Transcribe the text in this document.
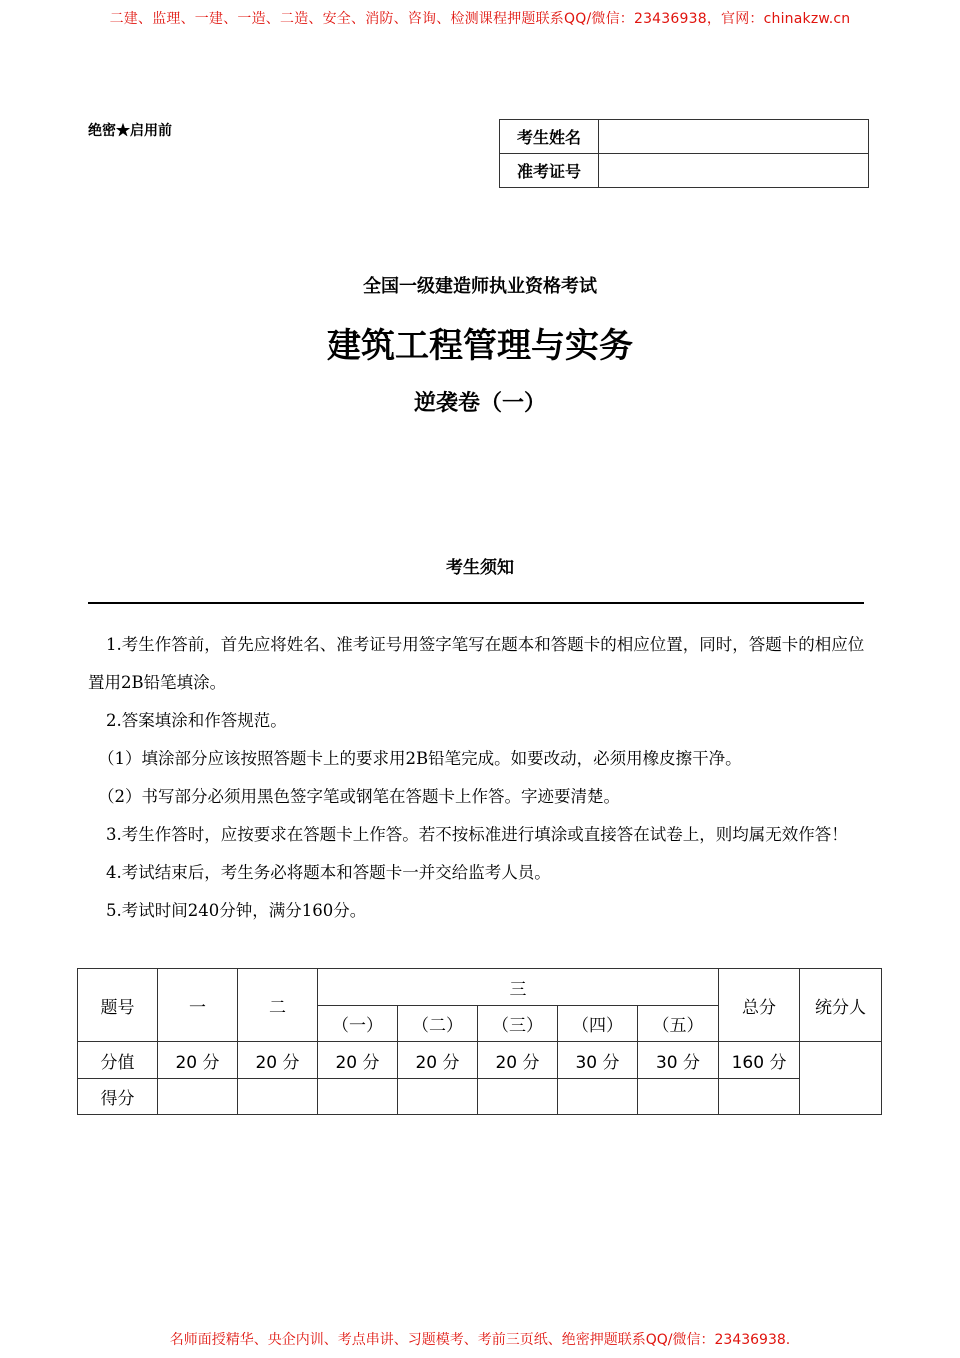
二建、监理、一建、一造、二造、安全、消防、咨询、检测课程押题联系QQ/微信：23436938，官网：chinakzw.cn
绝密★启用前	考生姓名	
准考证号	
全国一级建造师执业资格考试
建筑工程管理与实务
逆袭卷（一）
考生须知

1.考生作答前，首先应将姓名、准考证号用签字笔写在题本和答题卡的相应位置，同时，答题卡的相应位置用2B铅笔填涂。

2.答案填涂和作答规范。

（1）填涂部分应该按照答题卡上的要求用2B铅笔完成。如要改动，必须用橡皮擦干净。

（2）书写部分必须用黑色签字笔或钢笔在答题卡上作答。字迹要清楚。

3.考生作答时，应按要求在答题卡上作答。若不按标准进行填涂或直接答在试卷上，则均属无效作答！

4.考试结束后，考生务必将题本和答题卡一并交给监考人员。

5.考试时间240分钟，满分160分。

题号	一	二	三					总分	统分人
			（一）	（二）	（三）	（四）	（五）		
分值	20 分	20 分	20 分	20 分	20 分	30 分	30 分	160 分	
得分									
名师面授精华、央企内训、考点串讲、习题模考、考前三页纸、绝密押题联系QQ/微信：23436938.
